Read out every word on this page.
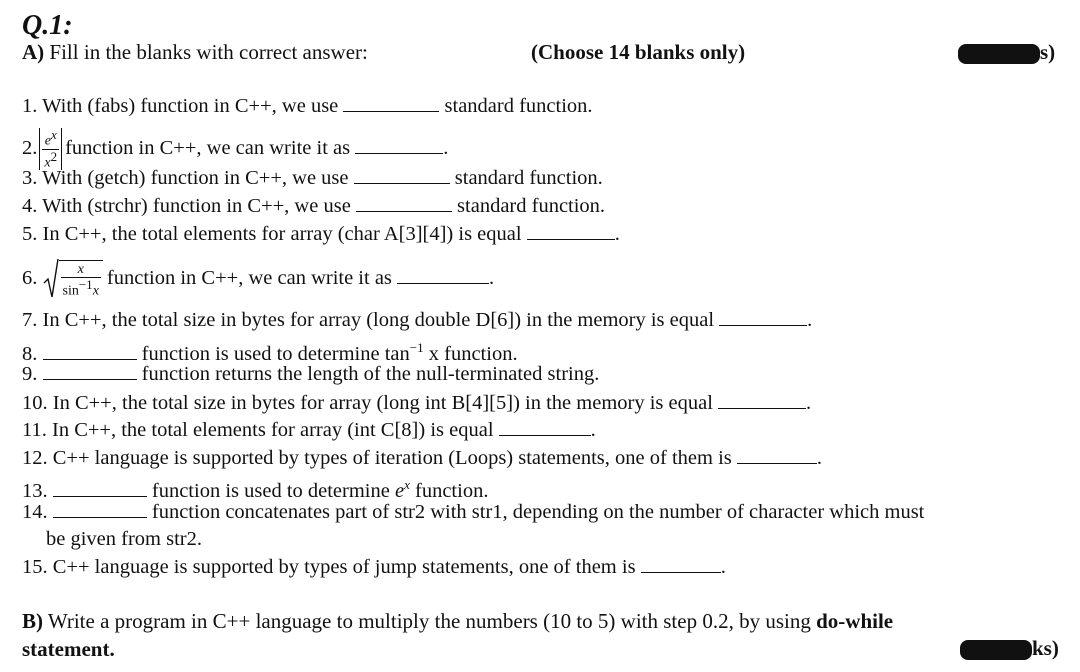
Q.1:
A) Fill in the blanks with correct answer:	(Choose 14 blanks only)	s)
1. With (fabs) function in C++, we use	standard function.
2. $\frac{e^x}{x^2}$ function in C++, we can write it as	.
3. With (getch) function in C++, we use	standard function.
4. With (strchr) function in C++, we use	standard function.
5. In C++, the total elements for array (char A[3][4]) is equal	.
6. $\frac{x}{\sin^{-1}x}$ function in C++, we can write it as	.
7. In C++, the total size in bytes for array (long double D[6]) in the memory is equal	.
8.	function is used to determine $\tan^{-1} x$ function.
9.	function returns the length of the null-terminated string.
10. In C++, the total size in bytes for array (long int B[4][5]) in the memory is equal	.
11. In C++, the total elements for array (int C[8]) is equal	.
12. C++ language is supported by types of iteration (Loops) statements, one of them is	.
13.	function is used to determine $e^x$ function.
14.	function concatenates part of str2 with str1, depending on the number of character which must
be given from str2.
15. C++ language is supported by types of jump statements, one of them is	.
B) Write a program in C++ language to multiply the numbers (10 to 5) with step 0.2, by using do-while
statement.	ks)
